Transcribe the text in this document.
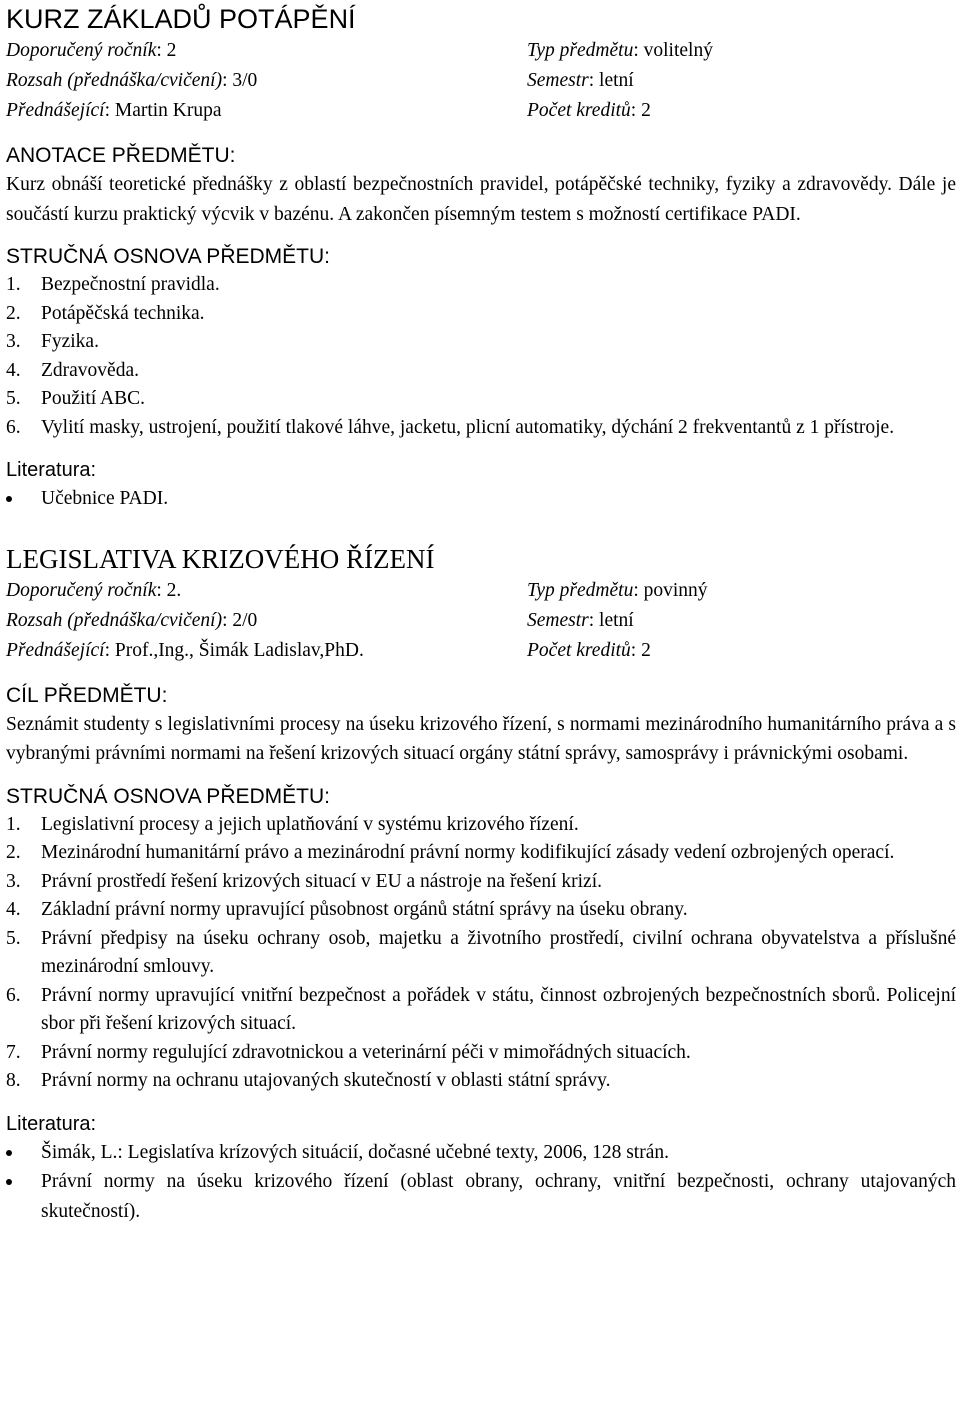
KURZ ZÁKLADŮ POTÁPĚNÍ
Doporučený ročník: 2	Typ předmětu: volitelný
Rozsah (přednáška/cvičení): 3/0	Semestr: letní
Přednášející: Martin Krupa	Počet kreditů: 2
ANOTACE PŘEDMĚTU:

Kurz obnáší teoretické přednášky z oblastí bezpečnostních pravidel, potápěčské techniky, fyziky a zdravovědy. Dále je součástí kurzu praktický výcvik v bazénu. A zakončen písemným testem s možností certifikace PADI.

STRUČNÁ OSNOVA PŘEDMĚTU:
1. Bezpečnostní pravidla.
2. Potápěčská technika.
3. Fyzika.
4. Zdravověda.
5. Použití ABC.
6. Vylití masky, ustrojení, použití tlakové láhve, jacketu, plicní automatiky, dýchání 2 frekventantů z 1 přístroje.
Literatura:
Učebnice PADI.
LEGISLATIVA KRIZOVÉHO ŘÍZENÍ
Doporučený ročník: 2.	Typ předmětu: povinný
Rozsah (přednáška/cvičení): 2/0	Semestr: letní
Přednášející: Prof.,Ing., Šimák Ladislav,PhD.	Počet kreditů: 2
CÍL PŘEDMĚTU:

Seznámit studenty s legislativními procesy na úseku krizového řízení, s normami mezinárodního humanitárního práva a s vybranými právními normami na řešení krizových situací orgány státní správy, samosprávy i právnickými osobami.

STRUČNÁ OSNOVA PŘEDMĚTU:
1. Legislativní procesy a jejich uplatňování v systému krizového řízení.
2. Mezinárodní humanitární právo a mezinárodní právní normy kodifikující zásady vedení ozbrojených operací.
3. Právní prostředí řešení krizových situací v EU a nástroje na řešení krizí.
4. Základní právní normy upravující působnost orgánů státní správy na úseku obrany.
5. Právní předpisy na úseku ochrany osob, majetku a životního prostředí, civilní ochrana obyvatelstva a příslušné mezinárodní smlouvy.
6. Právní normy upravující vnitřní bezpečnost a pořádek v státu, činnost ozbrojených bezpečnostních sborů. Policejní sbor při řešení krizových situací.
7. Právní normy regulující zdravotnickou a veterinární péči v mimořádných situacích.
8. Právní normy na ochranu utajovaných skutečností v oblasti státní správy.
Literatura:
Šimák, L.: Legislatíva krízových situácií, dočasné učebné texty, 2006, 128 strán.
Právní normy na úseku krizového řízení (oblast obrany, ochrany, vnitřní bezpečnosti, ochrany utajovaných skutečností).
